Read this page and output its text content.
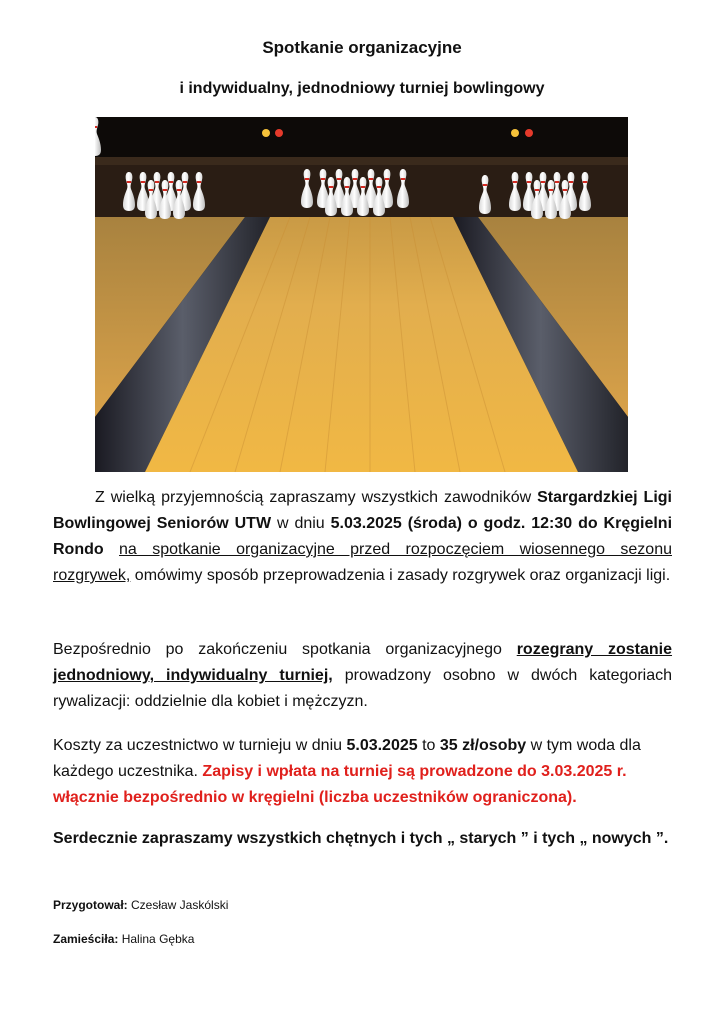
Spotkanie organizacyjne
i indywidualny, jednodniowy turniej bowlingowy

Z wielką przyjemnością zapraszamy wszystkich zawodników Stargardzkiej Ligi Bowlingowej Seniorów UTW w dniu 5.03.2025 (środa) o godz. 12:30 do Kręgielni Rondo na spotkanie organizacyjne przed rozpoczęciem wiosennego sezonu rozgrywek, omówimy sposób przeprowadzenia i zasady rozgrywek oraz organizacji ligi.

Bezpośrednio po zakończeniu spotkania organizacyjnego rozegrany zostanie jednodniowy, indywidualny turniej, prowadzony osobno w dwóch kategoriach rywalizacji: oddzielnie dla kobiet i mężczyzn.

Koszty za uczestnictwo w turnieju w dniu 5.03.2025 to 35 zł/osoby w tym woda dla każdego uczestnika. Zapisy i wpłata na turniej są prowadzone do 3.03.2025 r. włącznie bezpośrednio w kręgielni (liczba uczestników ograniczona).

Serdecznie zapraszamy wszystkich chętnych i tych „ starych ” i tych „ nowych ”.

Przygotował: Czesław Jaskólski
Zamieściła: Halina Gębka
